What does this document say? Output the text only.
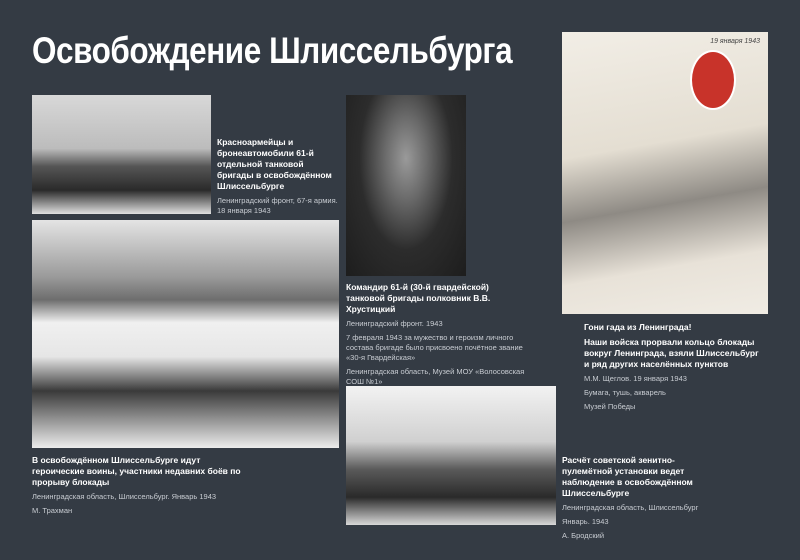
Освобождение Шлиссельбурга
Красноармейцы и бронеавтомобили 61-й отдельной танковой бригады в освобождённом Шлиссельбурге
Ленинградский фронт, 67-я армия. 18 января 1943
Командир 61-й (30-й гвардейской) танковой бригады полковник В.В. Хрустицкий
Ленинградский фронт. 1943
7 февраля 1943 за мужество и героизм личного состава бригаде было присвоено почётное звание «30-я Гвардейская»
Ленинградская область, Музей МОУ «Волосовская СОШ №1»
В освобождённом Шлиссельбурге идут героические воины, участники недавних боёв по прорыву блокады
Ленинградская область, Шлиссельбург. Январь 1943
М. Трахман
19 января 1943
Гони гада из Ленинграда!
Наши войска прорвали кольцо блокады вокруг Ленинграда, взяли Шлиссельбург и ряд других населённых пунктов
М.М. Щеглов. 19 января 1943
Бумага, тушь, акварель
Музей Победы
Расчёт советской зенитно-пулемётной установки ведет наблюдение в освобождённом Шлиссельбурге
Ленинградская область, Шлиссельбург
Январь. 1943
А. Бродский
